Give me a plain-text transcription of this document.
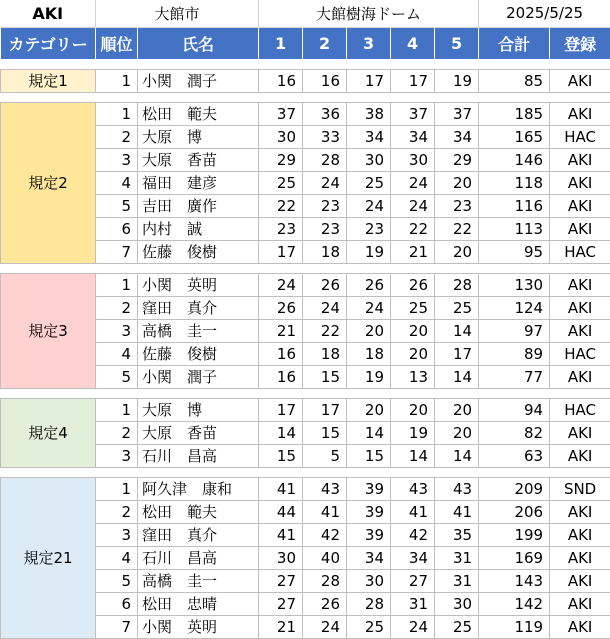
AKI	大館市		大館樹海ドーム					2025/5/25	
カテゴリー	順位	氏名	1	2	3	4	5	合計	登録

規定1	1	小関　潤子	16	16	17	17	19	85	AKI

規定2	1	松田　範夫	37	36	38	37	37	185	AKI
	2	大原　博	30	33	34	34	34	165	HAC
	3	大原　香苗	29	28	30	30	29	146	AKI
	4	福田　建彦	25	24	25	24	20	118	AKI
	5	吉田　廣作	22	23	24	24	23	116	AKI
	6	内村　誠	23	23	23	22	22	113	AKI
	7	佐藤　俊樹	17	18	19	21	20	95	HAC

規定3	1	小関　英明	24	26	26	26	28	130	AKI
	2	窪田　真介	26	24	24	25	25	124	AKI
	3	高橋　圭一	21	22	20	20	14	97	AKI
	4	佐藤　俊樹	16	18	18	20	17	89	HAC
	5	小関　潤子	16	15	19	13	14	77	AKI

規定4	1	大原　博	17	17	20	20	20	94	HAC
	2	大原　香苗	14	15	14	19	20	82	AKI
	3	石川　昌高	15	5	15	14	14	63	AKI

規定21	1	阿久津　康和	41	43	39	43	43	209	SND
	2	松田　範夫	44	41	39	41	41	206	AKI
	3	窪田　真介	41	42	39	42	35	199	AKI
	4	石川　昌高	30	40	34	34	31	169	AKI
	5	高橋　圭一	27	28	30	27	31	143	AKI
	6	松田　忠晴	27	26	28	31	30	142	AKI
	7	小関　英明	21	24	25	24	25	119	AKI
